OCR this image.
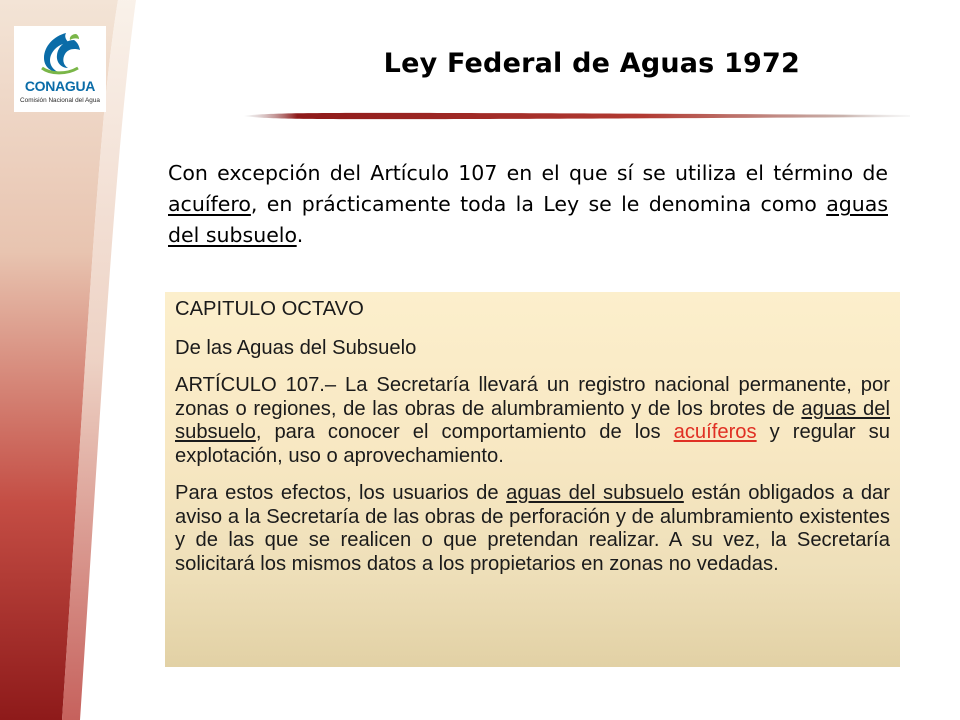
CONAGUA
Comisión Nacional del Agua
Ley Federal de Aguas 1972
Con excepción del Artículo 107 en el que sí se utiliza el término de acuífero, en prácticamente toda la Ley se le denomina como aguas del subsuelo.

CAPITULO OCTAVO

De las Aguas del Subsuelo

ARTÍCULO 107.– La Secretaría llevará un registro nacional permanente, por zonas o regiones, de las obras de alumbramiento y de los brotes de aguas del subsuelo, para conocer el comportamiento de los acuíferos y regular su explotación, uso o aprovechamiento.

Para estos efectos, los usuarios de aguas del subsuelo están obligados a dar aviso a la Secretaría de las obras de perforación y de alumbramiento existentes y de las que se realicen o que pretendan realizar. A su vez, la Secretaría solicitará los mismos datos a los propietarios en zonas no vedadas.
